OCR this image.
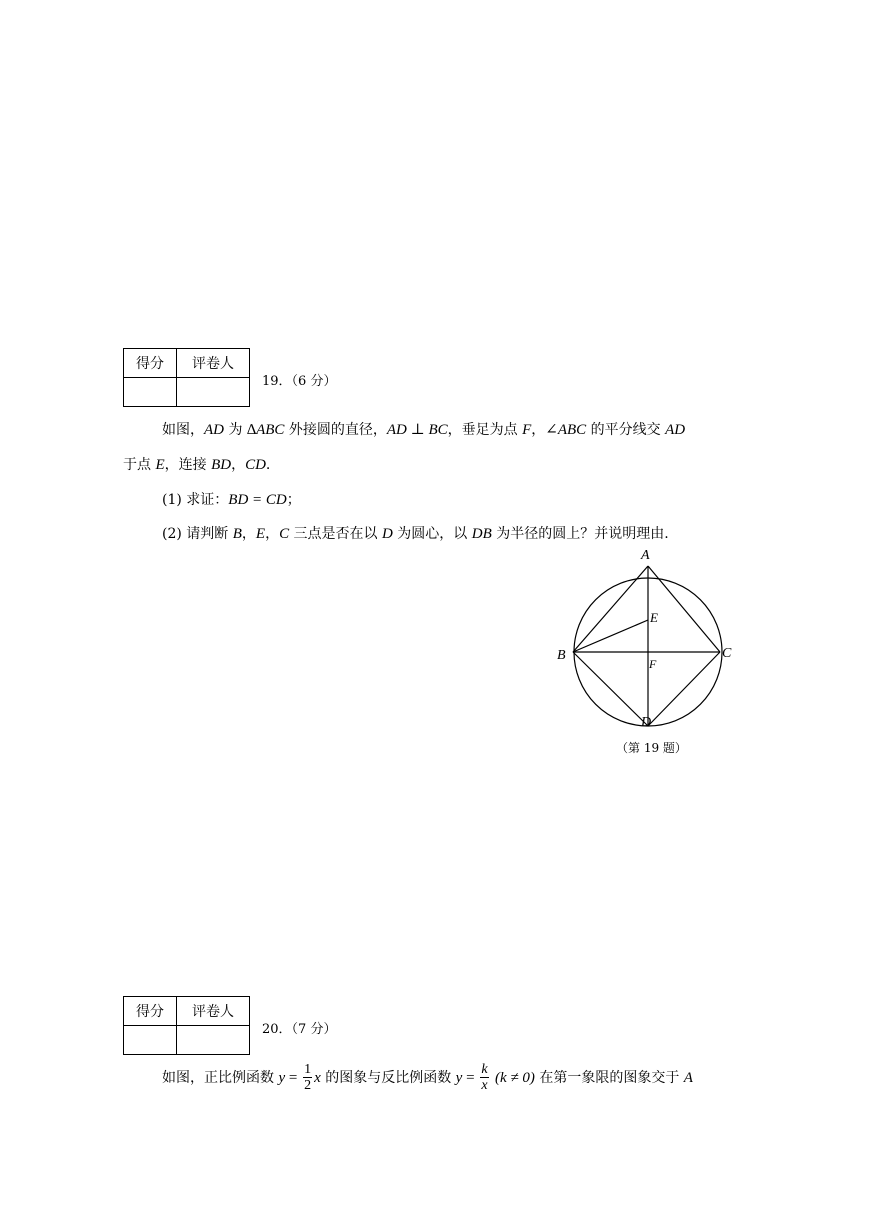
得分	评卷人

19．（6 分）
如图，AD 为 ∆ABC 外接圆的直径，AD ⊥ BC，垂足为点 F，∠ABC 的平分线交 AD
于点 E，连接 BD，CD.
(1) 求证：BD = CD；
(2) 请判断 B，E，C 三点是否在以 D 为圆心，以 DB 为半径的圆上？并说明理由.
A
B	C
D
E
F
（第 19 题）
得分	评卷人

20．（7 分）
如图，正比例函数 $y = \frac{1}{2}$ x 的图象与反比例函数 $y = \frac{k}{x} (k \ne 0)$ 在第一象限的图象交于 A
